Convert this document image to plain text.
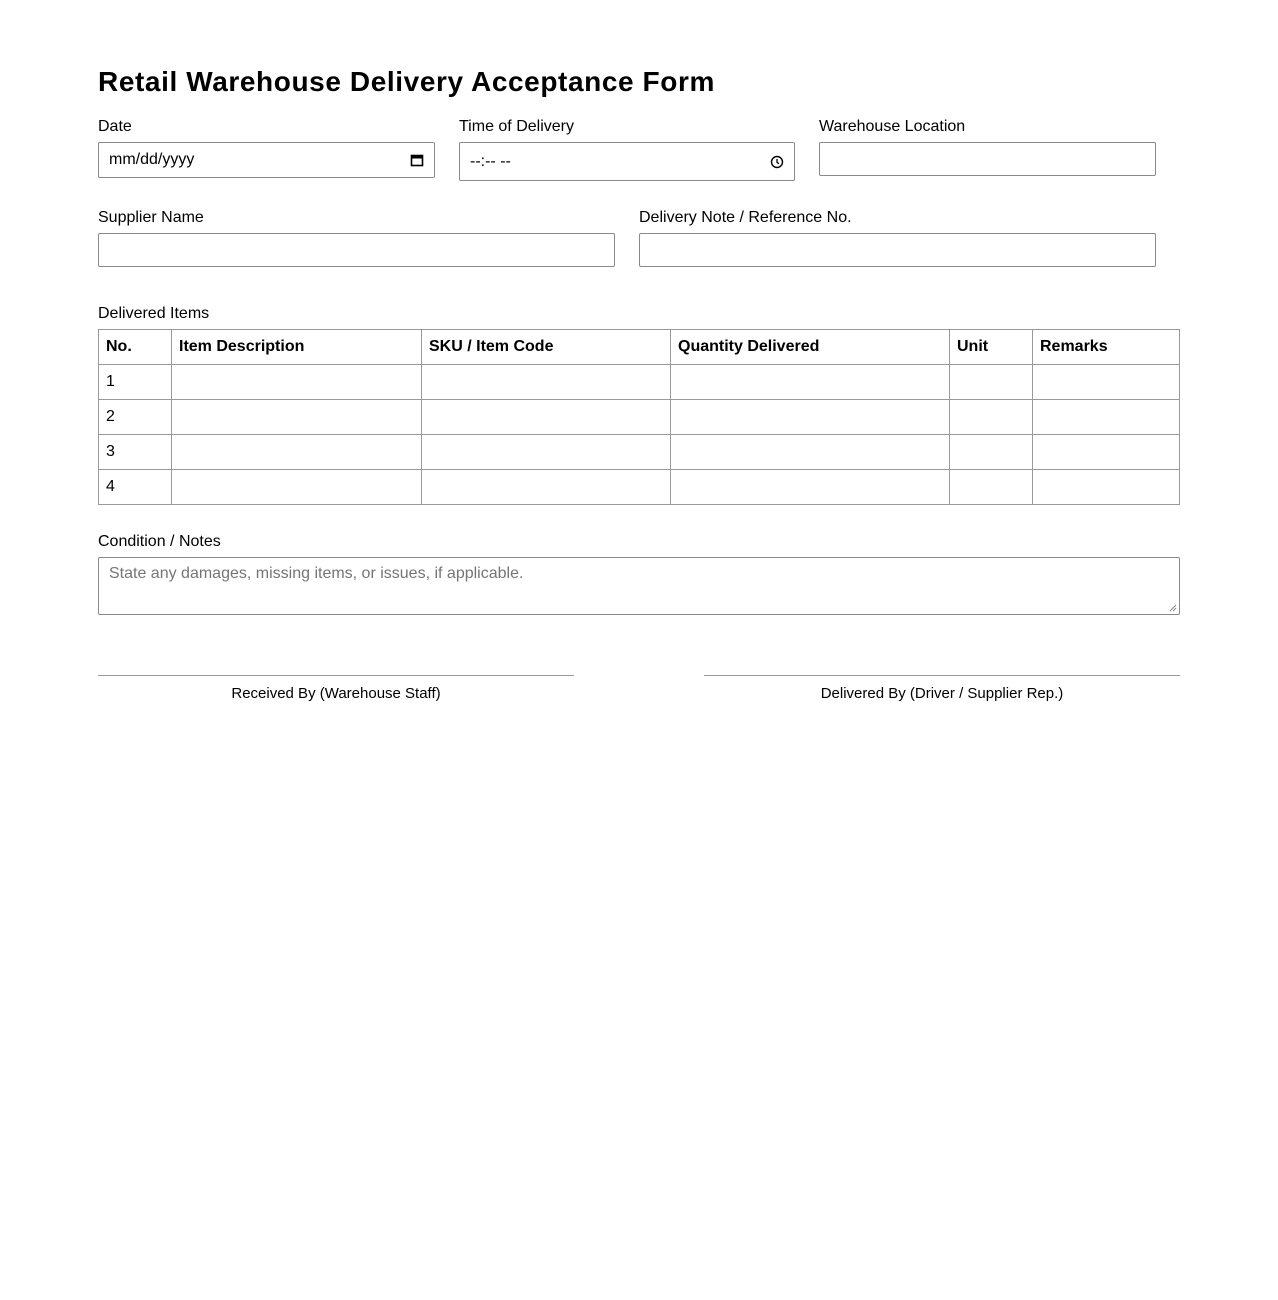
Retail Warehouse Delivery Acceptance Form
Date
mm/dd/yyyy
Time of Delivery
--:-- --
Warehouse Location
Supplier Name	Delivery Note / Reference No.
Delivered Items
No.	Item Description	SKU / Item Code	Quantity Delivered	Unit	Remarks
1					
2					
3					
4					
Condition / Notes
State any damages, missing items, or issues, if applicable.
Received By (Warehouse Staff)	Delivered By (Driver / Supplier Rep.)
